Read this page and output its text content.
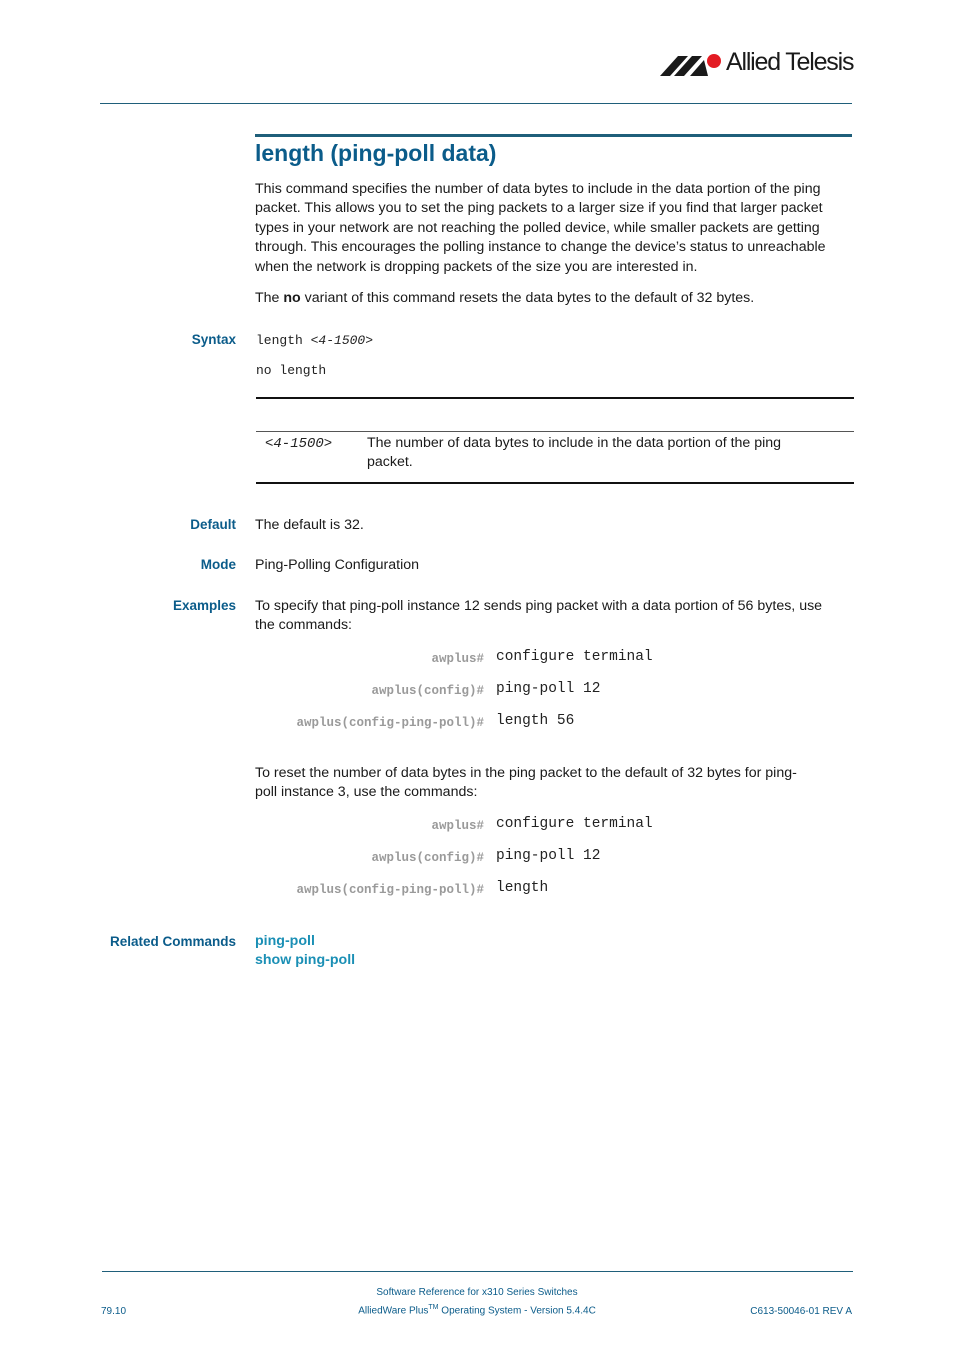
Allied Telesis
length (ping-poll data)
This command specifies the number of data bytes to include in the data portion of the ping packet. This allows you to set the ping packets to a larger size if you find that larger packet types in your network are not reaching the polled device, while smaller packets are getting through. This encourages the polling instance to change the device’s status to unreachable when the network is dropping packets of the size you are interested in.
The no variant of this command resets the data bytes to the default of 32 bytes.
Syntax length <4-1500>
no length
<4-1500> The number of data bytes to include in the data portion of the ping
packet.
Default The default is 32.
Mode Ping-Polling Configuration
Examples To specify that ping-poll instance 12 sends ping packet with a data portion of 56 bytes, use
the commands:
awplus# configure terminal
awplus(config)# ping-poll 12
awplus(config-ping-poll)# length 56
To reset the number of data bytes in the ping packet to the default of 32 bytes for ping-
poll instance 3, use the commands:
awplus# configure terminal
awplus(config)# ping-poll 12
awplus(config-ping-poll)# length
Related Commands ping-poll
show ping-poll
79.10
Software Reference for x310 Series Switches
AlliedWare Plus™ Operating System - Version 5.4.4C	C613-50046-01 REV A
